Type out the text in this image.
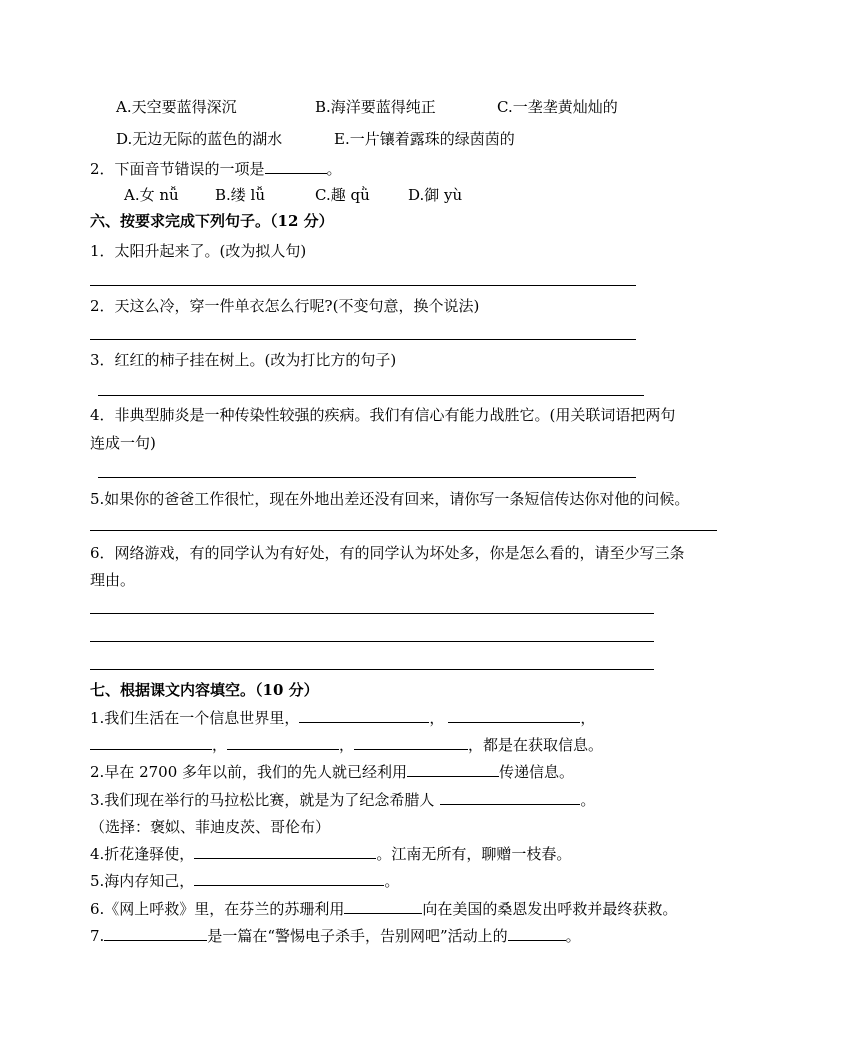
A.天空要蓝得深沉	B.海洋要蓝得纯正	C.一垄垄黄灿灿的
D.无边无际的蓝色的湖水	E.一片镶着露珠的绿茵茵的
2．下面音节错误的一项是	。
A.女 nǚ B.缕 lǚ	C.趣 qǜ	D.御 yù
六、按要求完成下列句子。（12 分）
1．太阳升起来了。(改为拟人句)
2．天这么冷，穿一件单衣怎么行呢?(不变句意，换个说法)
3．红红的柿子挂在树上。(改为打比方的句子)
4．非典型肺炎是一种传染性较强的疾病。我们有信心有能力战胜它。(用关联词语把两句
连成一句)
5.如果你的爸爸工作很忙，现在外地出差还没有回来，请你写一条短信传达你对他的问候。
6．网络游戏，有的同学认为有好处，有的同学认为坏处多，你是怎么看的，请至少写三条
理由。
七、根据课文内容填空。（10 分）
1.我们生活在一个信息世界里，	，	，
，	，	，都是在获取信息。
2.早在 2700 多年以前，我们的先人就已经利用	传递信息。
3.我们现在举行的马拉松比赛，就是为了纪念希腊人	。
（选择：褒姒、菲迪皮茨、哥伦布）
4.折花逢驿使，	。江南无所有，聊赠一枝春。
5.海内存知己，	。
6.《网上呼救》里，在芬兰的苏珊利用	向在美国的桑恩发出呼救并最终获救。
7.	是一篇在“警惕电子杀手，告别网吧”活动上的	。
